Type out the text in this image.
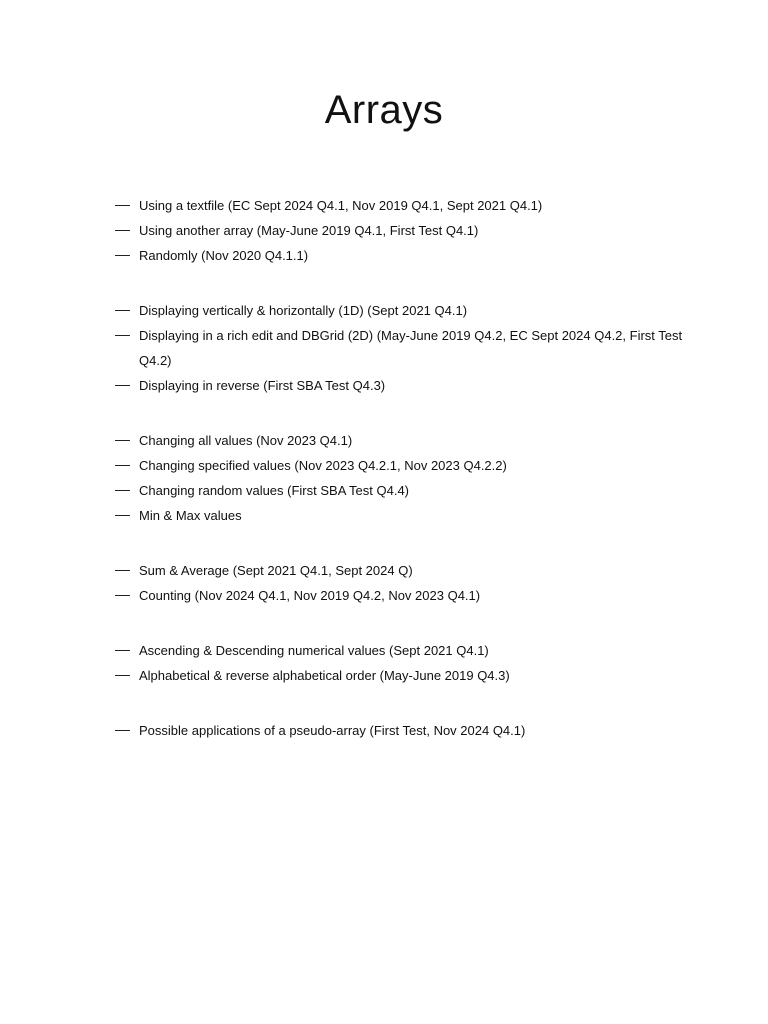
Arrays
Using a textfile (EC Sept 2024 Q4.1, Nov 2019 Q4.1, Sept 2021 Q4.1)
Using another array (May-June 2019 Q4.1, First Test Q4.1)
Randomly (Nov 2020 Q4.1.1)
Displaying vertically & horizontally (1D) (Sept 2021 Q4.1)
Displaying in a rich edit and DBGrid (2D) (May-June 2019 Q4.2, EC Sept 2024 Q4.2, First Test Q4.2)
Displaying in reverse (First SBA Test Q4.3)
Changing all values (Nov 2023 Q4.1)
Changing specified values (Nov 2023 Q4.2.1, Nov 2023 Q4.2.2)
Changing random values (First SBA Test Q4.4)
Min & Max values
Sum & Average (Sept 2021 Q4.1, Sept 2024 Q)
Counting (Nov 2024 Q4.1, Nov 2019 Q4.2, Nov 2023 Q4.1)
Ascending & Descending numerical values (Sept 2021 Q4.1)
Alphabetical & reverse alphabetical order (May-June 2019 Q4.3)
Possible applications of a pseudo-array (First Test, Nov 2024 Q4.1)
